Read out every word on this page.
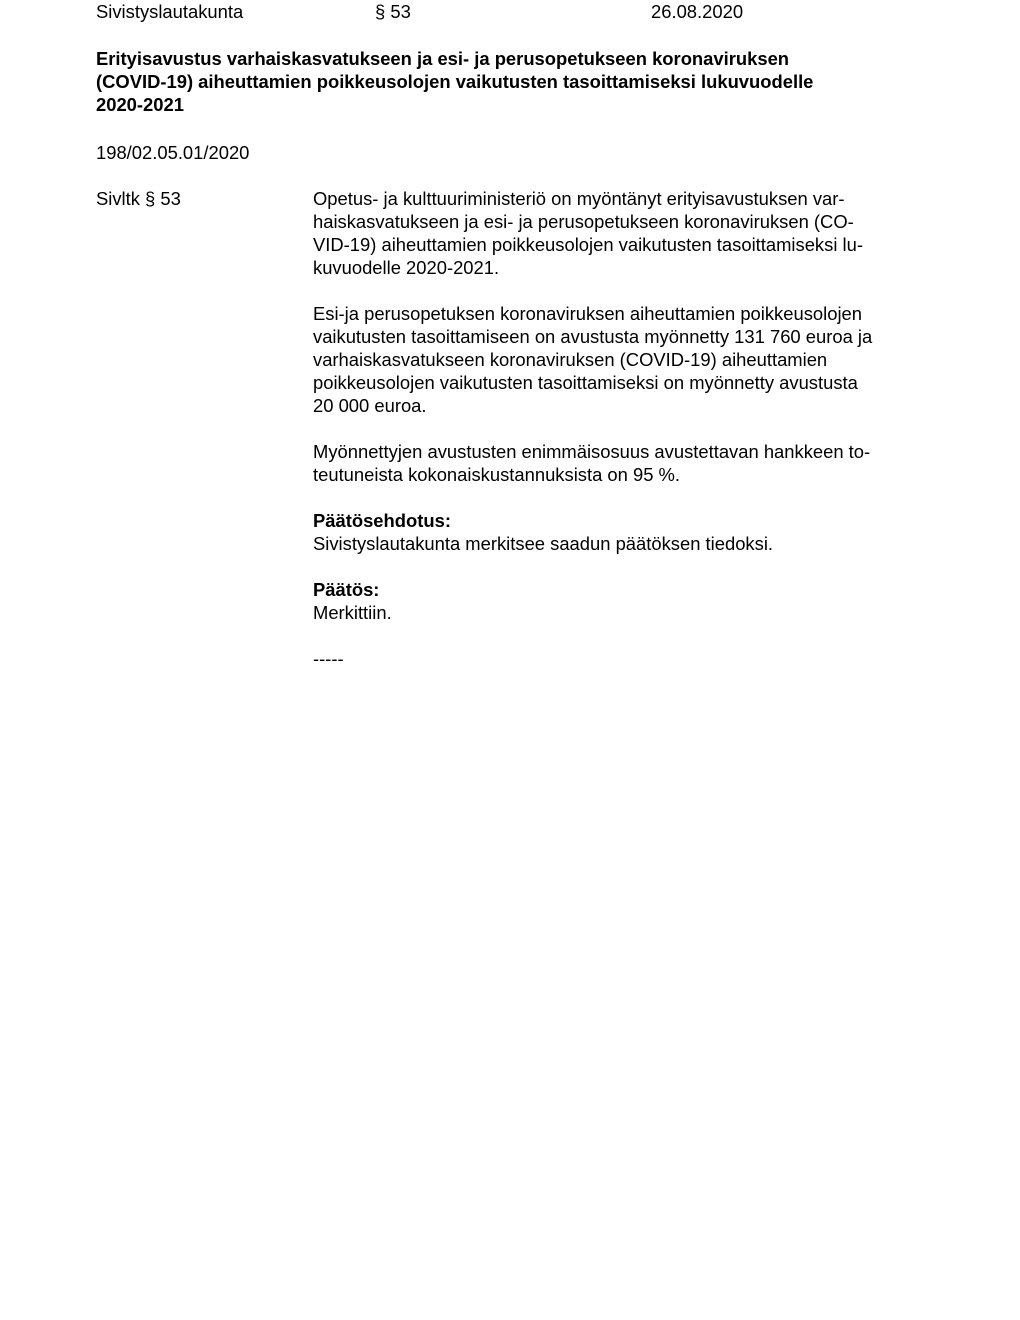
Sivistyslautakunta	§ 53	26.08.2020
Erityisavustus varhaiskasvatukseen ja esi- ja perusopetukseen koronaviruksen
(COVID-19) aiheuttamien poikkeusolojen vaikutusten tasoittamiseksi lukuvuodelle
2020-2021
198/02.05.01/2020
Sivltk § 53	Opetus- ja kulttuuriministeriö on myöntänyt erityisavustuksen var-
haiskasvatukseen ja esi- ja perusopetukseen koronaviruksen (CO-
VID-19) aiheuttamien poikkeusolojen vaikutusten tasoittamiseksi lu-
kuvuodelle 2020-2021.
Esi-ja perusopetuksen koronaviruksen aiheuttamien poikkeusolojen
vaikutusten tasoittamiseen on avustusta myönnetty 131 760 euroa ja
varhaiskasvatukseen koronaviruksen (COVID-19) aiheuttamien
poikkeusolojen vaikutusten tasoittamiseksi on myönnetty avustusta
20 000 euroa.
Myönnettyjen avustusten enimmäisosuus avustettavan hankkeen to-
teutuneista kokonaiskustannuksista on 95 %.
Päätösehdotus:
Sivistyslautakunta merkitsee saadun päätöksen tiedoksi.
Päätös:
Merkittiin.
-----
